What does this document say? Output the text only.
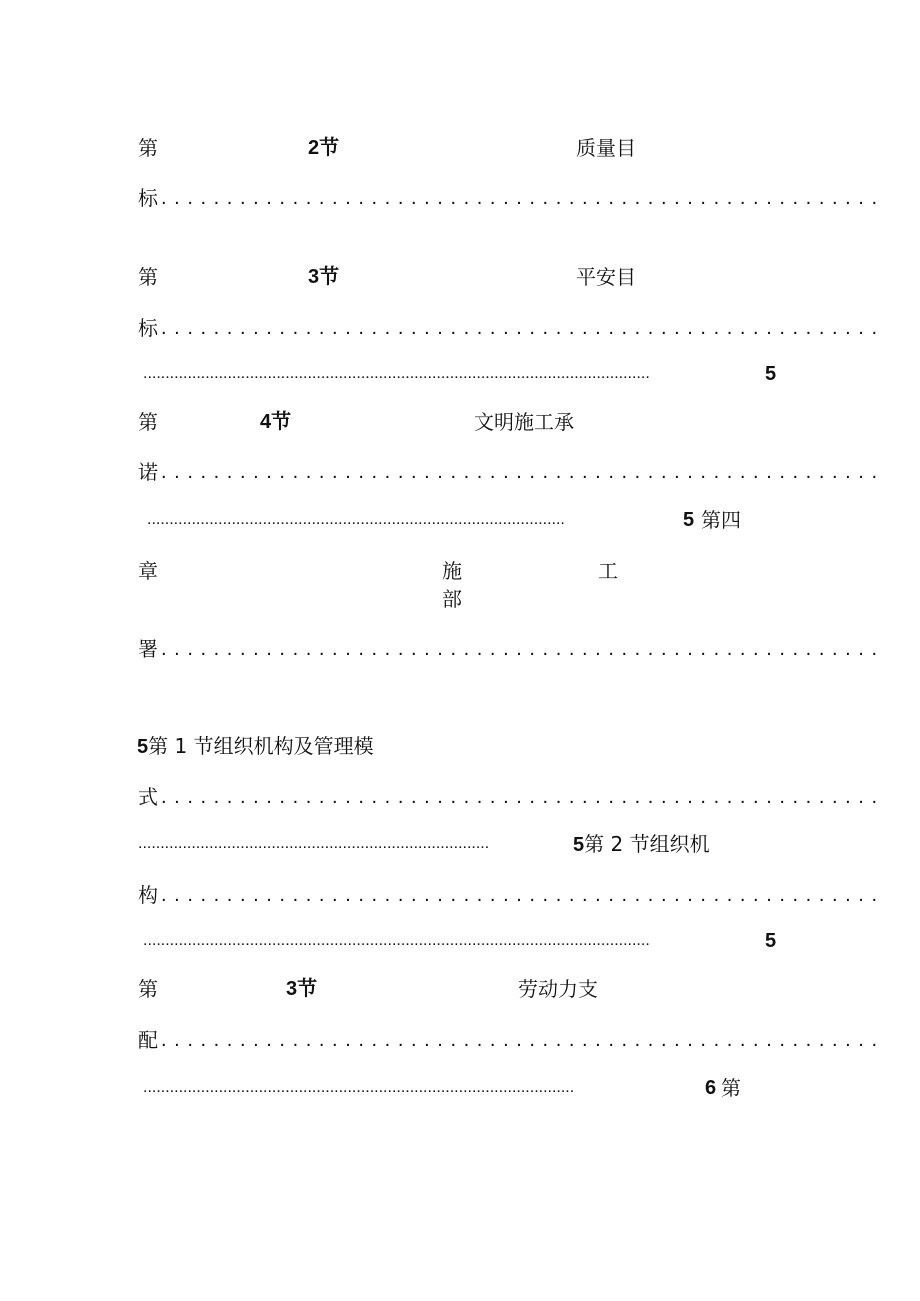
第	2节	质量目
标 .......................................................
第	3节	平安目
标 .......................................................
..................................................................................................................	5
第	4节	文明施工承
诺 .......................................................
..............................................................................................	5 第四
章	施	工
部
署 .......................................................
5第 1 节组织机构及管理模
式 .......................................................
...............................................................................	5第 2 节组织机
构 .......................................................
..................................................................................................................	5
第	3节	劳动力支
配 .......................................................
.................................................................................................	6 第
